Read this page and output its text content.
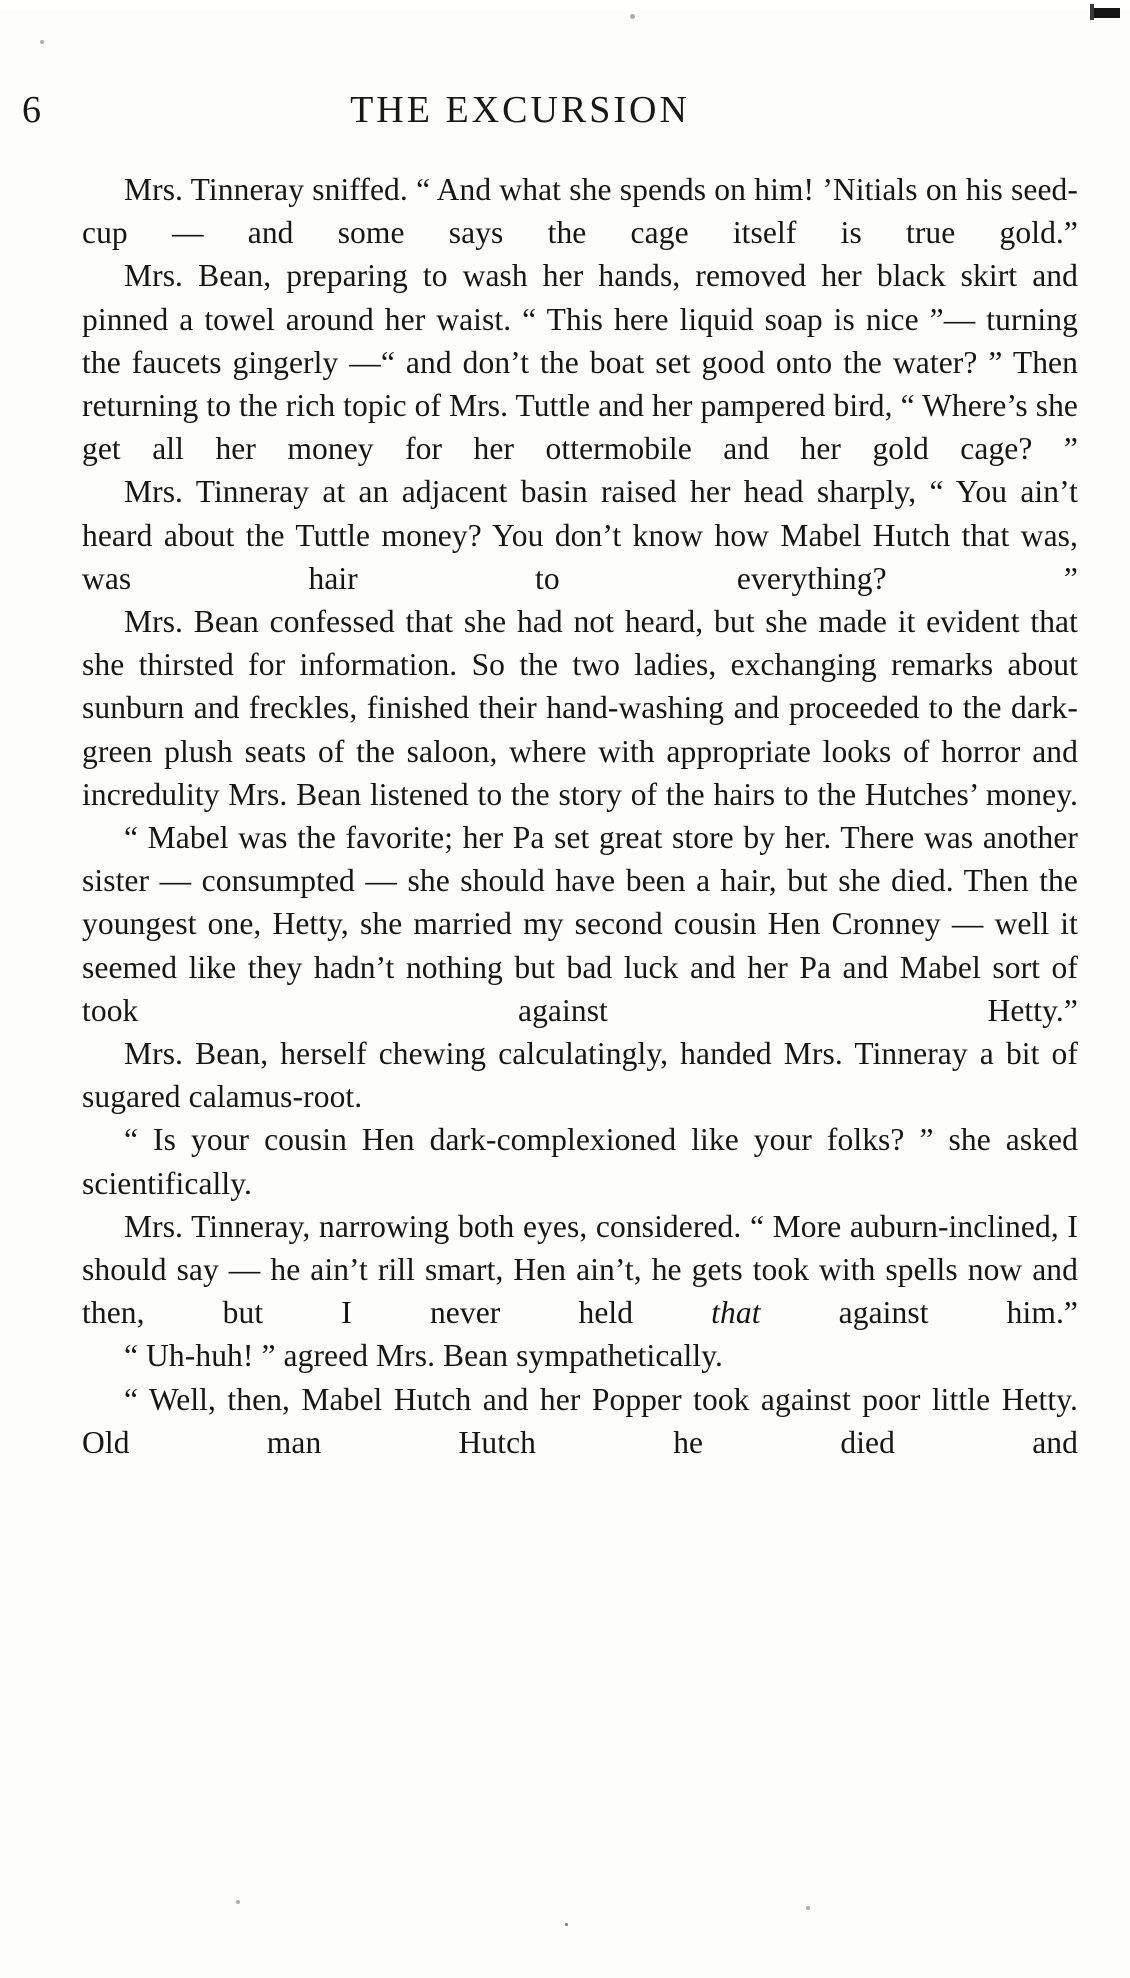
6	THE EXCURSION

Mrs. Tinneray sniffed. “ And what she spends on him! ’Nitials on his seed-cup — and some says the cage itself is true gold.”

Mrs. Bean, preparing to wash her hands, removed her black skirt and pinned a towel around her waist. “ This here liquid soap is nice ”— turning the faucets gingerly —“ and don’t the boat set good onto the water? ” Then returning to the rich topic of Mrs. Tuttle and her pampered bird, “ Where’s she get all her money for her ottermobile and her gold cage? ”

Mrs. Tinneray at an adjacent basin raised her head sharply, “ You ain’t heard about the Tuttle money? You don’t know how Mabel Hutch that was, was hair to everything? ”

Mrs. Bean confessed that she had not heard, but she made it evident that she thirsted for information. So the two ladies, exchanging remarks about sunburn and freckles, finished their hand-washing and proceeded to the dark-green plush seats of the saloon, where with appropriate looks of horror and incredulity Mrs. Bean listened to the story of the hairs to the Hutches’ money.

“ Mabel was the favorite; her Pa set great store by her. There was another sister — consumpted — she should have been a hair, but she died. Then the youngest one, Hetty, she married my second cousin Hen Cronney — well it seemed like they hadn’t nothing but bad luck and her Pa and Mabel sort of took against Hetty.”

Mrs. Bean, herself chewing calculatingly, handed Mrs. Tinneray a bit of sugared calamus-root.

“ Is your cousin Hen dark-complexioned like your folks? ” she asked scientifically.

Mrs. Tinneray, narrowing both eyes, considered. “ More auburn-inclined, I should say — he ain’t rill smart, Hen ain’t, he gets took with spells now and then, but I never held that against him.”

“ Uh-huh! ” agreed Mrs. Bean sympathetically.

“ Well, then, Mabel Hutch and her Popper took against poor little Hetty. Old man Hutch he died and
